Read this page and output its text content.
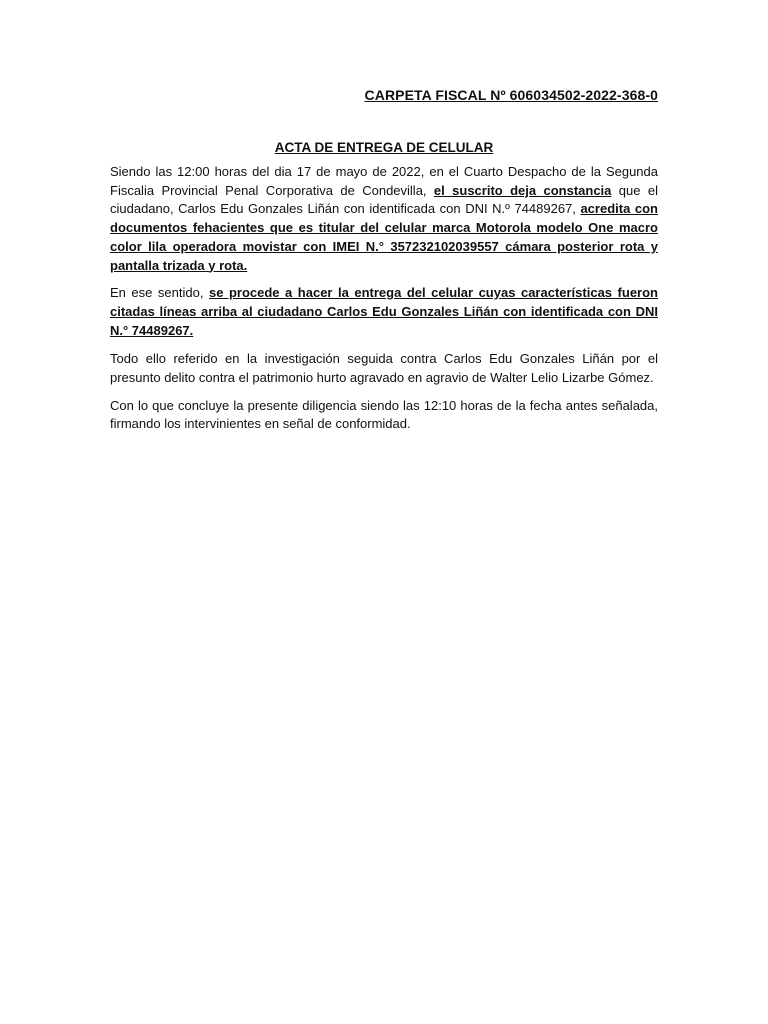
CARPETA FISCAL Nº 606034502-2022-368-0
ACTA DE ENTREGA DE CELULAR

Siendo las 12:00 horas del dia 17 de mayo de 2022, en el Cuarto Despacho de la Segunda Fiscalia Provincial Penal Corporativa de Condevilla, el suscrito deja constancia que el ciudadano, Carlos Edu Gonzales Liñán con identificada con DNI N.º 74489267, acredita con documentos fehacientes que es titular del celular marca Motorola modelo One macro color lila operadora movistar con IMEI N.° 357232102039557 cámara posterior rota y pantalla trizada y rota.

En ese sentido, se procede a hacer la entrega del celular cuyas características fueron citadas líneas arriba al ciudadano Carlos Edu Gonzales Liñán con identificada con DNI N.° 74489267.

Todo ello referido en la investigación seguida contra Carlos Edu Gonzales Liñán por el presunto delito contra el patrimonio hurto agravado en agravio de Walter Lelio Lizarbe Gómez.

Con lo que concluye la presente diligencia siendo las 12:10 horas de la fecha antes señalada, firmando los intervinientes en señal de conformidad.
